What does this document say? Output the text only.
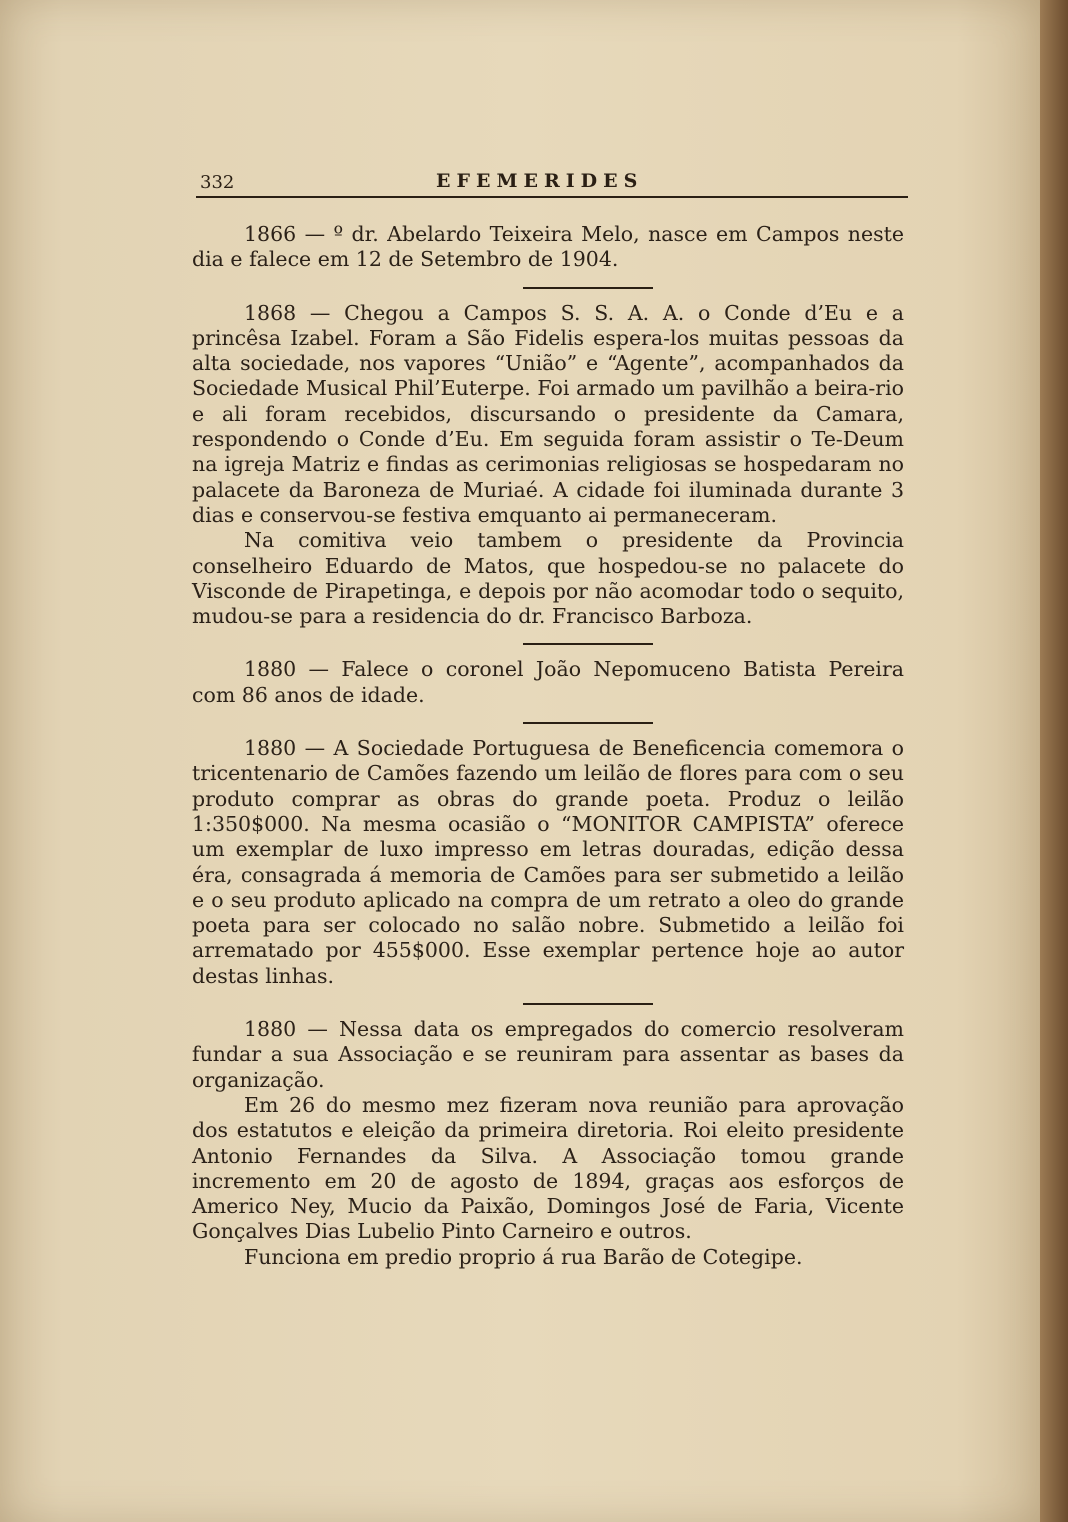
332	EFEMERIDES

1866 — º dr. Abelardo Teixeira Melo, nasce em Campos neste dia e falece em 12 de Setembro de 1904.

1868 — Chegou a Campos S. S. A. A. o Conde d’Eu e a princêsa Izabel. Foram a São Fidelis espera-los muitas pessoas da alta sociedade, nos vapores “União” e “Agente”, acompanhados da Sociedade Musical Phil’Euterpe. Foi armado um pavilhão a beira-rio e ali foram recebidos, discursando o presidente da Camara, respondendo o Conde d’Eu. Em seguida foram assistir o Te-Deum na igreja Matriz e findas as cerimonias religiosas se hospedaram no palacete da Baroneza de Muriaé. A cidade foi iluminada durante 3 dias e conservou-se festiva emquanto ai permaneceram.

Na comitiva veio tambem o presidente da Provincia conselheiro Eduardo de Matos, que hospedou-se no palacete do Visconde de Pirapetinga, e depois por não acomodar todo o sequito, mudou-se para a residencia do dr. Francisco Barboza.

1880 — Falece o coronel João Nepomuceno Batista Pereira com 86 anos de idade.

1880 — A Sociedade Portuguesa de Beneficencia comemora o tricentenario de Camões fazendo um leilão de flores para com o seu produto comprar as obras do grande poeta. Produz o leilão 1:350$000. Na mesma ocasião o “MONITOR CAMPISTA” oferece um exemplar de luxo impresso em letras douradas, edição dessa éra, consagrada á memoria de Camões para ser submetido a leilão e o seu produto aplicado na compra de um retrato a oleo do grande poeta para ser colocado no salão nobre. Submetido a leilão foi arrematado por 455$000. Esse exemplar pertence hoje ao autor destas linhas.

1880 — Nessa data os empregados do comercio resolveram fundar a sua Associação e se reuniram para assentar as bases da organização.

Em 26 do mesmo mez fizeram nova reunião para aprovação dos estatutos e eleição da primeira diretoria. Roi eleito presidente Antonio Fernandes da Silva. A Associação tomou grande incremento em 20 de agosto de 1894, graças aos esforços de Americo Ney, Mucio da Paixão, Domingos José de Faria, Vicente Gonçalves Dias Lubelio Pinto Carneiro e outros.

Funciona em predio proprio á rua Barão de Cotegipe.
